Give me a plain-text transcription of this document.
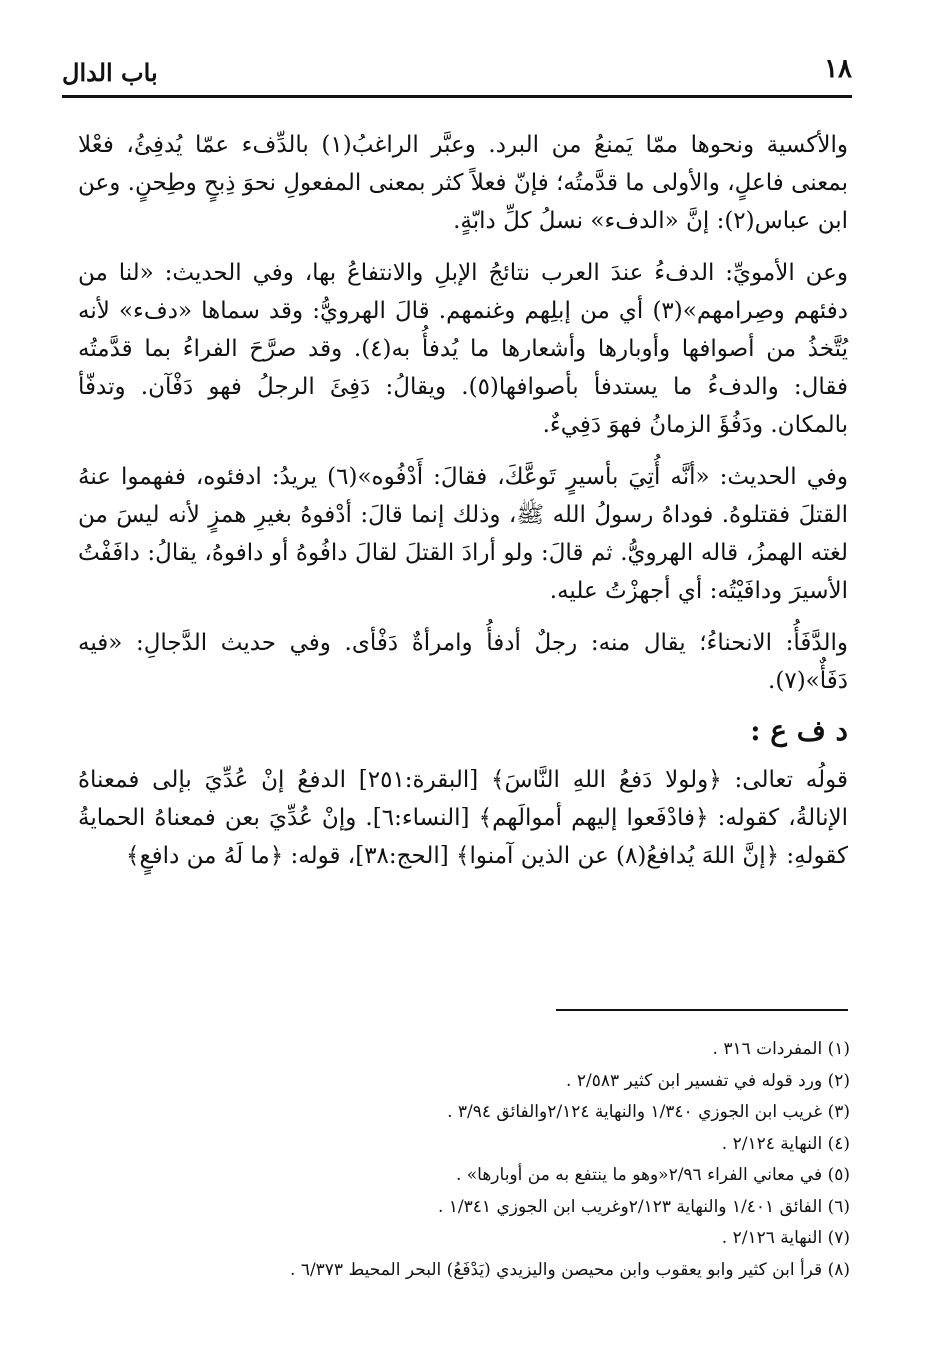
١٨
باب الدال

والأكسية ونحوها ممّا يَمنعُ من البرد. وعبَّر الراغبُ(١) بالدِّفء عمّا يُدفِئُ، فعْلا بمعنى فاعلٍ، والأولى ما قدَّمتُه؛ فإنّ فعلاً كثر بمعنى المفعولِ نحوَ ذِبحٍ وطِحنٍ. وعن ابن عباس(٢): إنَّ «الدفء» نسلُ كلِّ دابّةٍ.

وعن الأمويِّ: الدفءُ عندَ العرب نتائجُ الإبلِ والانتفاعُ بها، وفي الحديث: «لنا من دفئهم وصِرامهم»(٣) أي من إبلِهم وغنمهم. قالَ الهرويُّ: وقد سماها «دفء» لأنه يُتَّخذُ من أصوافها وأوبارها وأشعارها ما يُدفأُ به(٤). وقد صرَّحَ الفراءُ بما قدَّمتُه فقال: والدفءُ ما يستدفأ بأصوافها(٥). ويقالُ: دَفِئَ الرجلُ فهو دَفْآن. وتدفّأ بالمكان. ودَفُؤَ الزمانُ فهوَ دَفِيءٌ.

وفي الحديث: «أنَّه أُتِيَ بأسيرٍ تَوعَّكَ، فقالَ: أَدْفُوه»(٦) يريدُ: ادفئوه، ففهموا عنهُ القتلَ فقتلوهُ. فوداهُ رسولُ الله ﷺ، وذلك إنما قالَ: أدْفوهُ بغيرِ همزٍ لأنه ليسَ من لغته الهمزُ، قاله الهرويُّ. ثم قالَ: ولو أرادَ القتلَ لقالَ دافُوهُ أو دافوهُ، يقالُ: دافَفْتُ الأسيرَ ودافَيْتُه: أي أجهزْتُ عليه.

والدَّفَأُ: الانحناءُ؛ يقال منه: رجلٌ أدفأُ وامرأةٌ دَفْأى. وفي حديث الدَّجالِ: «فيه دَفَأٌ»(٧).

د ف ع :

قولُه تعالى: ﴿ولولا دَفعُ اللهِ النَّاسَ﴾ [البقرة:٢٥١] الدفعُ إنْ عُدِّيَ بإلى فمعناهُ الإنالةُ، كقوله: ﴿فادْفَعوا إليهم أموالَهم﴾ [النساء:٦]. وإنْ عُدِّيَ بعن فمعناهُ الحمايةُ كقولهِ: ﴿إنَّ اللهَ يُدافعُ(٨) عن الذين آمنوا﴾ [الحج:٣٨]، قوله: ﴿ما لَهُ من دافعٍ﴾

(١) المفردات ٣١٦ .
(٢) ورد قوله في تفسير ابن كثير ٢/٥٨٣ .
(٣) غريب ابن الجوزي ١/٣٤٠ والنهاية ٢/١٢٤والفائق ٣/٩٤ .
(٤) النهاية ٢/١٢٤ .
(٥) في معاني الفراء ٢/٩٦«وهو ما ينتفع به من أوبارها» .
(٦) الفائق ١/٤٠١ والنهاية ٢/١٢٣وغريب ابن الجوزي ١/٣٤١ .
(٧) النهاية ٢/١٢٦ .
(٨) قرأ ابن كثير وابو يعقوب وابن محيصن واليزيدي (يَدْفَعُ) البحر المحيط ٦/٣٧٣ .
